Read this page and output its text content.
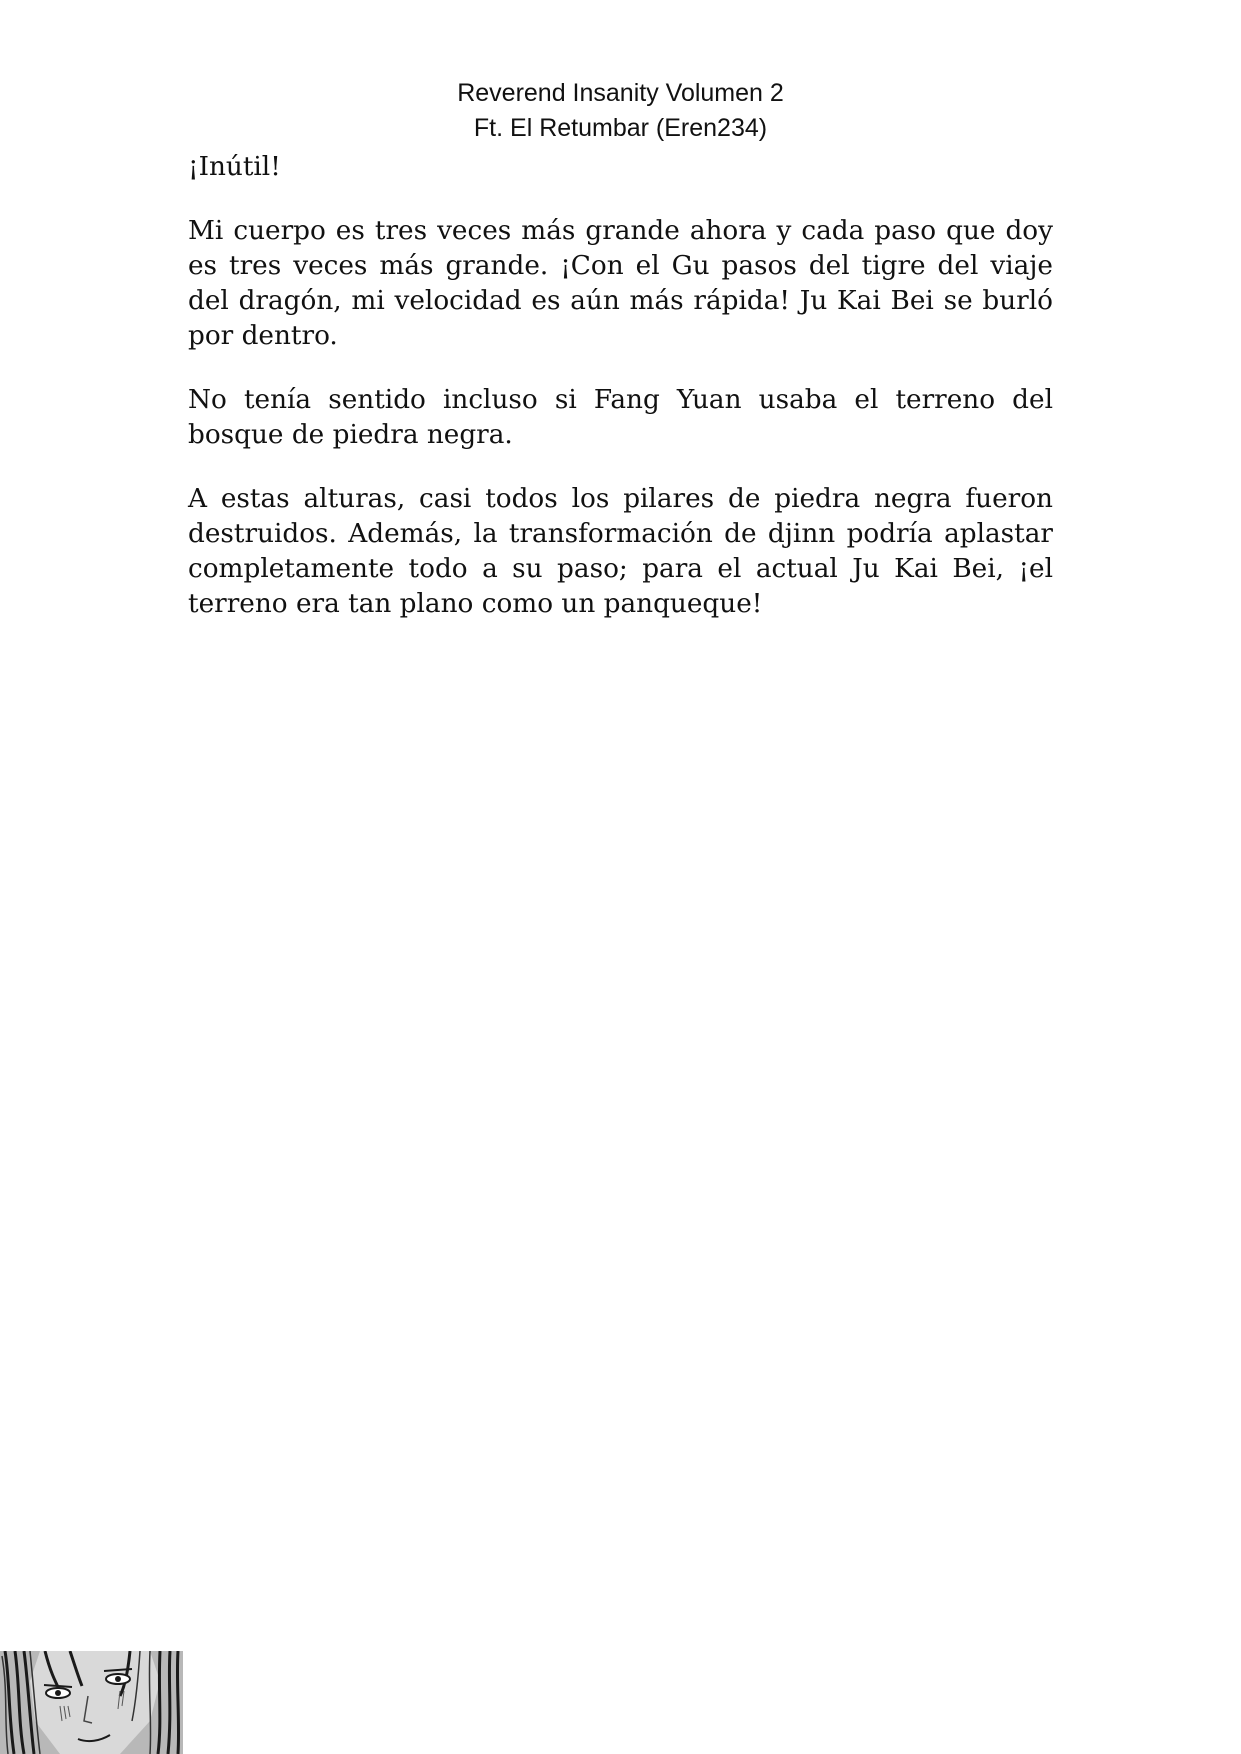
Reverend Insanity Volumen 2
Ft. El Retumbar (Eren234)

¡Inútil!

Mi cuerpo es tres veces más grande ahora y cada paso que doy
es tres veces más grande. ¡Con el Gu pasos del tigre del viaje
del dragón, mi velocidad es aún más rápida! Ju Kai Bei se burló
por dentro.

No tenía sentido incluso si Fang Yuan usaba el terreno del
bosque de piedra negra.

A estas alturas, casi todos los pilares de piedra negra fueron
destruidos. Además, la transformación de djinn podría aplastar
completamente todo a su paso; para el actual Ju Kai Bei, ¡el
terreno era tan plano como un panqueque!
